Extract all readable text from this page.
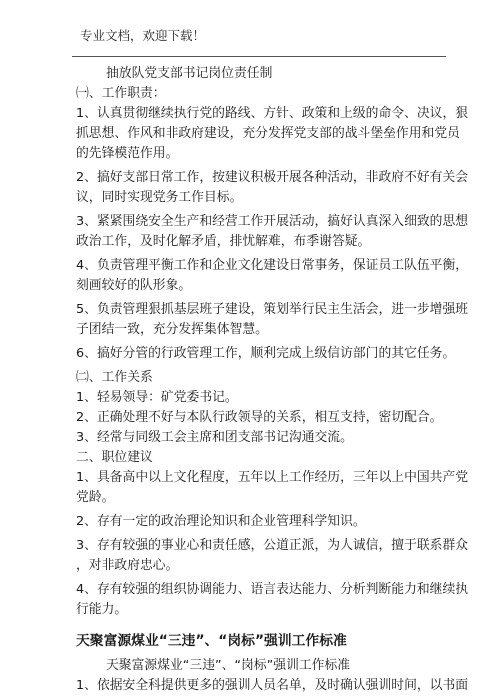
专业文档，欢迎下载！
抽放队党支部书记岗位责任制
㈠、工作职责：
1、认真贯彻继续执行党的路线、方针、政策和上级的命令、决议，狠
抓思想、作风和非政府建设，充分发挥党支部的战斗堡垒作用和党员
的先锋模范作用。
2、搞好支部日常工作，按建议积极开展各种活动，非政府不好有关会
议，同时实现党务工作目标。
3、紧紧围绕安全生产和经营工作开展活动，搞好认真深入细致的思想
政治工作，及时化解矛盾，排忧解难，布季谢答疑。
4、负责管理平衡工作和企业文化建设日常事务，保证员工队伍平衡，
刻画较好的队形象。
5、负责管理狠抓基层班子建设，策划举行民主生活会，进一步增强班
子团结一致，充分发挥集体智慧。
6、搞好分管的行政管理工作，顺利完成上级信访部门的其它任务。
㈡、工作关系
1、轻易领导：矿党委书记。
2、正确处理不好与本队行政领导的关系，相互支持，密切配合。
3、经常与同级工会主席和团支部书记沟通交流。
二、职位建议
1、具备高中以上文化程度，五年以上工作经历，三年以上中国共产党
党龄。
2、存有一定的政治理论知识和企业管理科学知识。
3、存有较强的事业心和责任感，公道正派，为人诚信，擅于联系群众
，对非政府忠心。
4、存有较强的组织协调能力、语言表达能力、分析判断能力和继续执
行能力。
天聚富源煤业“三违”、“岗标”强训工作标准
天聚富源煤业“三违”、“岗标”强训工作标准
1、依据安全科提供更多的强训人员名单，及时确认强训时间，以书面
